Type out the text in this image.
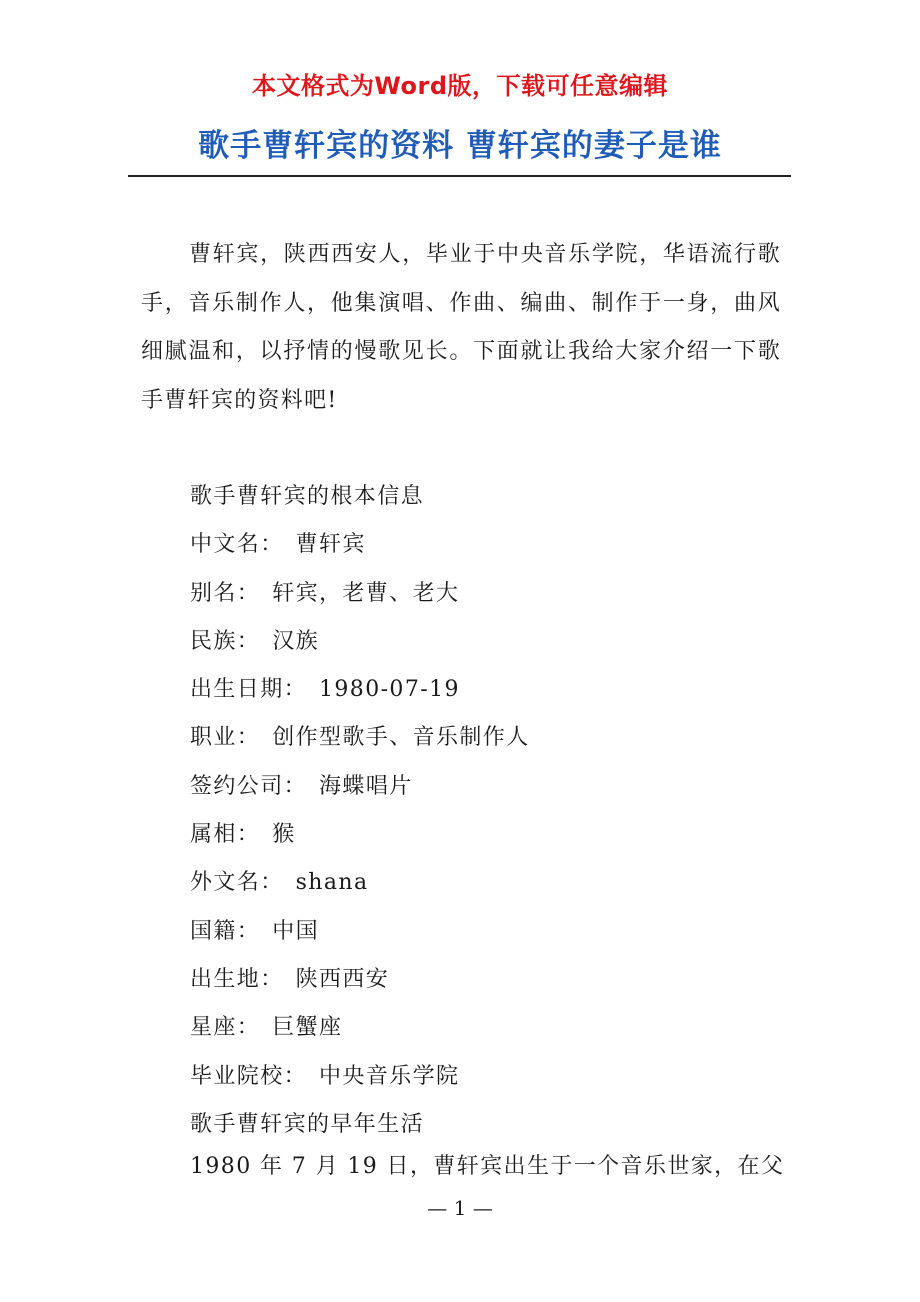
本文格式为Word版，下载可任意编辑
歌手曹轩宾的资料 曹轩宾的妻子是谁

曹轩宾，陕西西安人，毕业于中央音乐学院，华语流行歌手，音乐制作人，他集演唱、作曲、编曲、制作于一身，曲风细腻温和，以抒情的慢歌见长。下面就让我给大家介绍一下歌手曹轩宾的资料吧!

歌手曹轩宾的根本信息
中文名： 曹轩宾
别名： 轩宾，老曹、老大
民族： 汉族
出生日期： 1980-07-19
职业： 创作型歌手、音乐制作人
签约公司： 海蝶唱片
属相： 猴
外文名： shana
国籍： 中国
出生地： 陕西西安
星座： 巨蟹座
毕业院校： 中央音乐学院
歌手曹轩宾的早年生活
1980 年 7 月 19 日，曹轩宾出生于一个音乐世家，在父
— 1 —
